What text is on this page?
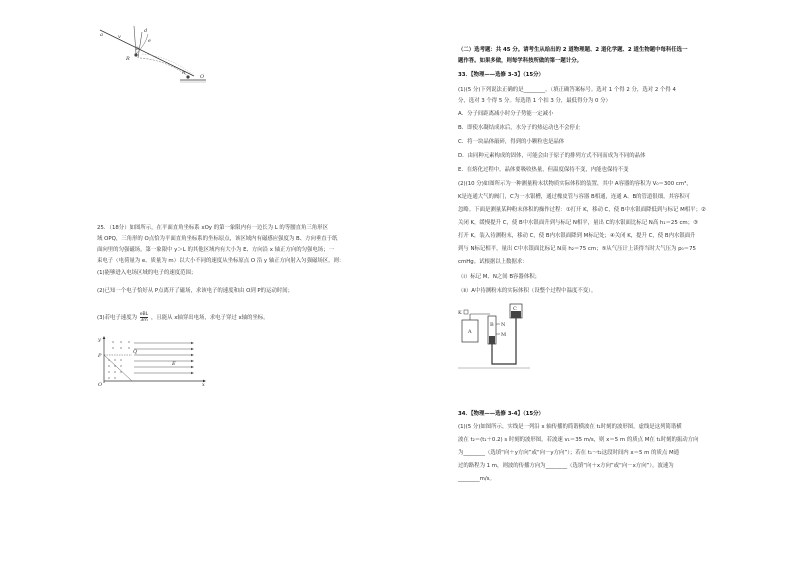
a	v
b
d
e
R
n
O
25．（18分）如图所示，在平面直角坐标系 xOy 的第一象限内有一边长为 L 的等腰直角三角形区
域 OPQ，三角形的 O点恰为平面直角坐标系的坐标原点，该区域内有磁感应强度为 B、方向垂直于纸
面向里的匀强磁场，第一象限中 y＞L 的其他区域内有大小为 E、方向沿 x 轴正方向的匀强电场；一
束电子（电荷量为 e、质量为 m）以大小不同的速度从坐标原点 O 沿 y 轴正方向射入匀强磁场区。则：
(1)能够进入电场区域的电子的速度范围；
(2)已知一个电子恰好从 P点离开了磁场，求该电子的速度和由 O到 P的运动时间；
(3)若电子速度为
eBL
3m ，且能从 x轴穿出电场，求电子穿过 x轴的坐标。
y
P
Q
E
O	x
（二）选考题：共 45 分。请考生从给出的 2 道物理题、2 道化学题、2 道生物题中每科任选一
题作答。如果多做，则每学科按所做的第一题计分。
33．【物理——选修 3-3】（15分）
(1)(5 分)下列说法正确的是________。（填正确答案标号。选对 1 个得 2 分，选对 2 个得 4
分，选对 3 个得 5 分。每选错 1 个扣 3 分，最低得分为 0 分）
A．分子间距离减小时分子势能一定减小
B．即使水凝结成冰后，水分子的热运动也不会停止
C．将一块晶体敲碎，得到的小颗粒也是晶体
D．由同种元素构成的固体，可能会由于原子的排列方式不同而成为不同的晶体
E．在熔化过程中，晶体要吸收热量，但温度保持不变，内能也保持不变
(2)(10 分)如图所示为一种测量粉末状物质实际体积的装置，其中 A容器的容积为 V₀＝300 cm³，
K是连通大气的阀门，C为一水银槽，通过橡皮管与容器 B相通，连通 A、B的管道很细，其容积可
忽略。下面是测量某种粉末体积的操作过程：①打开 K，移动 C，使 B中水银面降低到与标记 M相平；②
关闭 K，缓慢提升 C，使 B中水银面升到与标记 N相平，量出 C的水银面比标记 N高 h₁＝25 cm；③
打开 K，装入待测粉末，移动 C，使 B内水银面降到 M标记处；④关闭 K，提升 C，使 B内水银面升
到与 N标记相平，量出 C中水银面比标记 N高 h₂＝75 cm；⑤从气压计上读得当时大气压为 p₀＝75
cmHg。试根据以上数据求：
（ⅰ）标记 M、N之间 B容器体积；
（ⅱ）A中待测粉末的实际体积（设整个过程中温度不变）。
K
A
B
C
N
M
34．【物理——选修 3-4】（15分）
(1)(5 分)如图所示，实线是一列沿 x 轴传播的简谐横波在 t₁时刻的波形图，虚线是这列简谐横
波在 t₂＝(t₁＋0.2) s 时刻的波形图，若波速 v₁＝35 m/s，则 x＝5 m 的质点 M在 t₁时刻的振动方向
为________（选填“向＋y方向”或“向－y方向”）；若在 t₁～t₂这段时间内 x＝5 m 的质点 M通
过的路程为 1 m，则波的传播方向为________（选填“向＋x方向”或“向－x方向”），波速为
________m/s。
